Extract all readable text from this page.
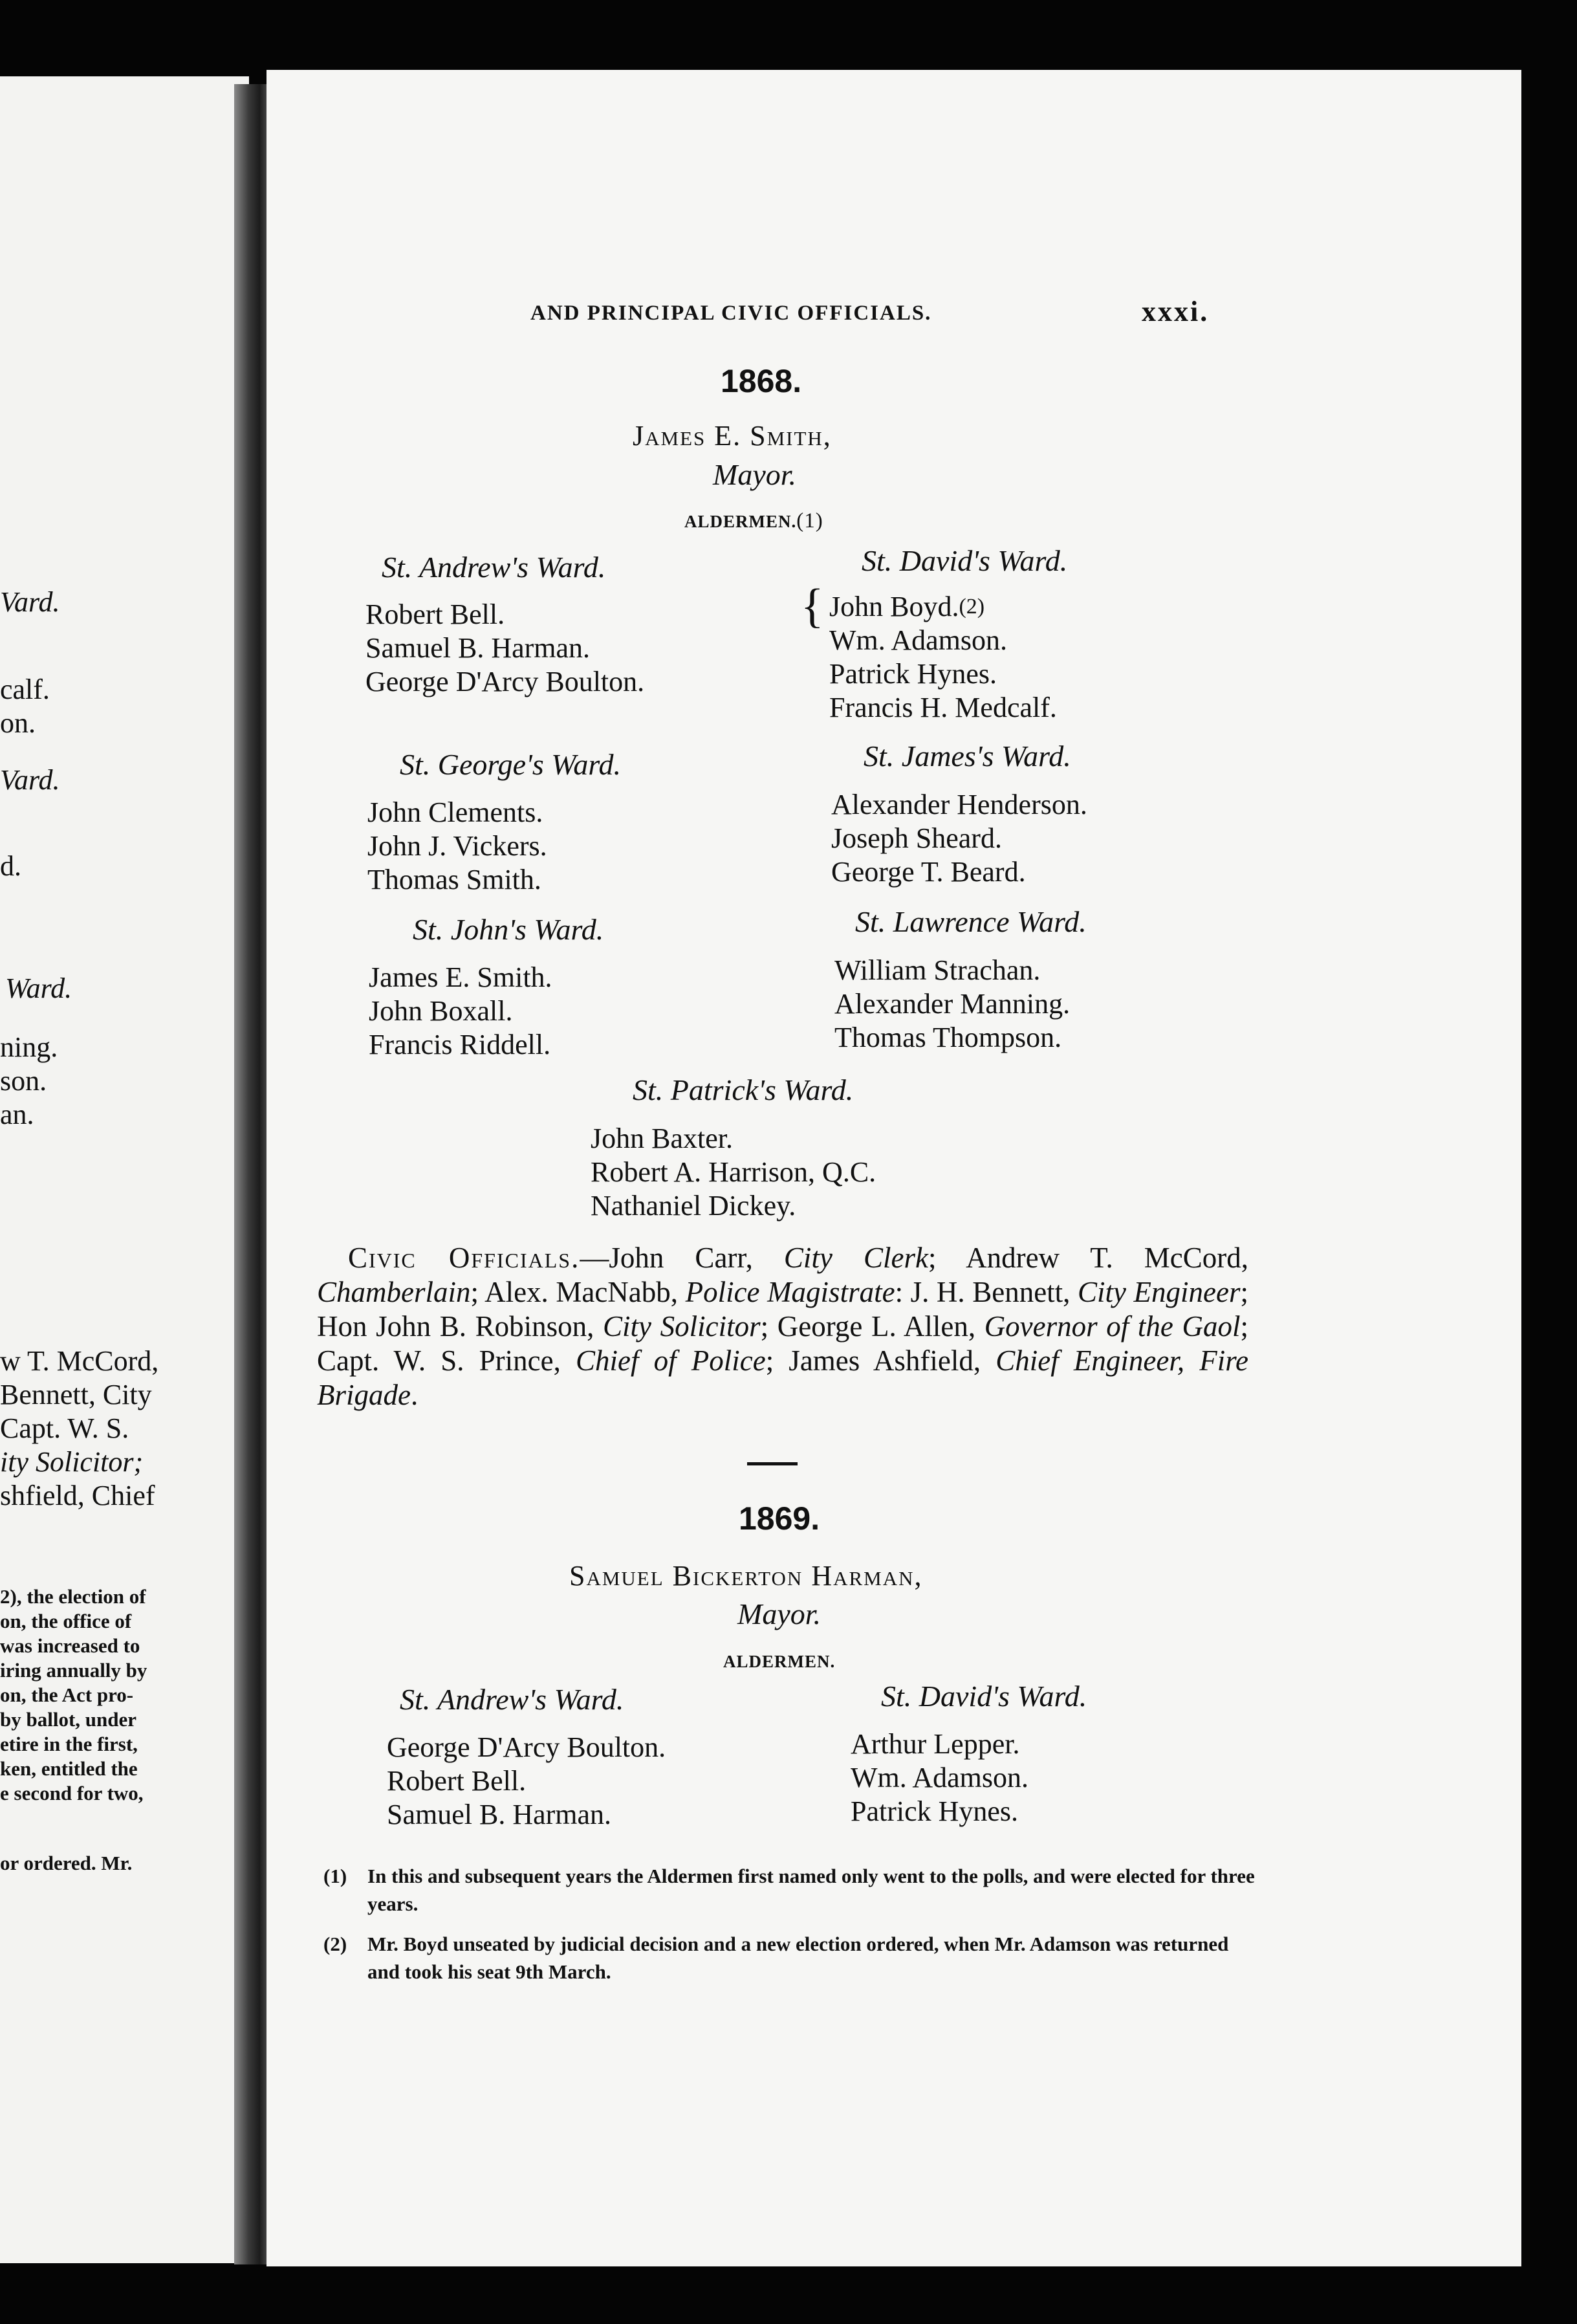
Vard.
calf.
on.
Vard.
d.
Ward.
ning.
son.
an.
w T. McCord,
Bennett, City
Capt. W. S.
ity Solicitor;
shfield, Chief
2), the election of
on, the office of
was increased to
iring annually by
on, the Act pro-
by ballot, under
etire in the first,
ken, entitled the
e second for two,
or ordered. Mr.
AND PRINCIPAL CIVIC OFFICIALS.	xxxi.
1868.
James E. Smith,
Mayor.
ALDERMEN.(1)
St. Andrew's Ward.
Robert Bell.
Samuel B. Harman.
George D'Arcy Boulton.
St. David's Ward.
{ John Boyd.(2)
Wm. Adamson.
Patrick Hynes.
Francis H. Medcalf.
St. George's Ward.
John Clements.
John J. Vickers.
Thomas Smith.
St. James's Ward.
Alexander Henderson.
Joseph Sheard.
George T. Beard.
St. John's Ward.
James E. Smith.
John Boxall.
Francis Riddell.
St. Lawrence Ward.
William Strachan.
Alexander Manning.
Thomas Thompson.
St. Patrick's Ward.
John Baxter.
Robert A. Harrison, Q.C.
Nathaniel Dickey.
Civic Officials.—John Carr, City Clerk; Andrew T. McCord, Chamberlain; Alex. MacNabb, Police Magistrate: J. H. Bennett, City Engineer; Hon John B. Robinson, City Solicitor; George L. Allen, Governor of the Gaol; Capt. W. S. Prince, Chief of Police; James Ashfield, Chief Engineer, Fire Brigade.
1869.
Samuel Bickerton Harman,
Mayor.
ALDERMEN.
St. Andrew's Ward.
George D'Arcy Boulton.
Robert Bell.
Samuel B. Harman.
St. David's Ward.
Arthur Lepper.
Wm. Adamson.
Patrick Hynes.
(1) In this and subsequent years the Aldermen first named only went to the polls, and were elected for three years.
(2) Mr. Boyd unseated by judicial decision and a new election ordered, when Mr. Adamson was returned and took his seat 9th March.
